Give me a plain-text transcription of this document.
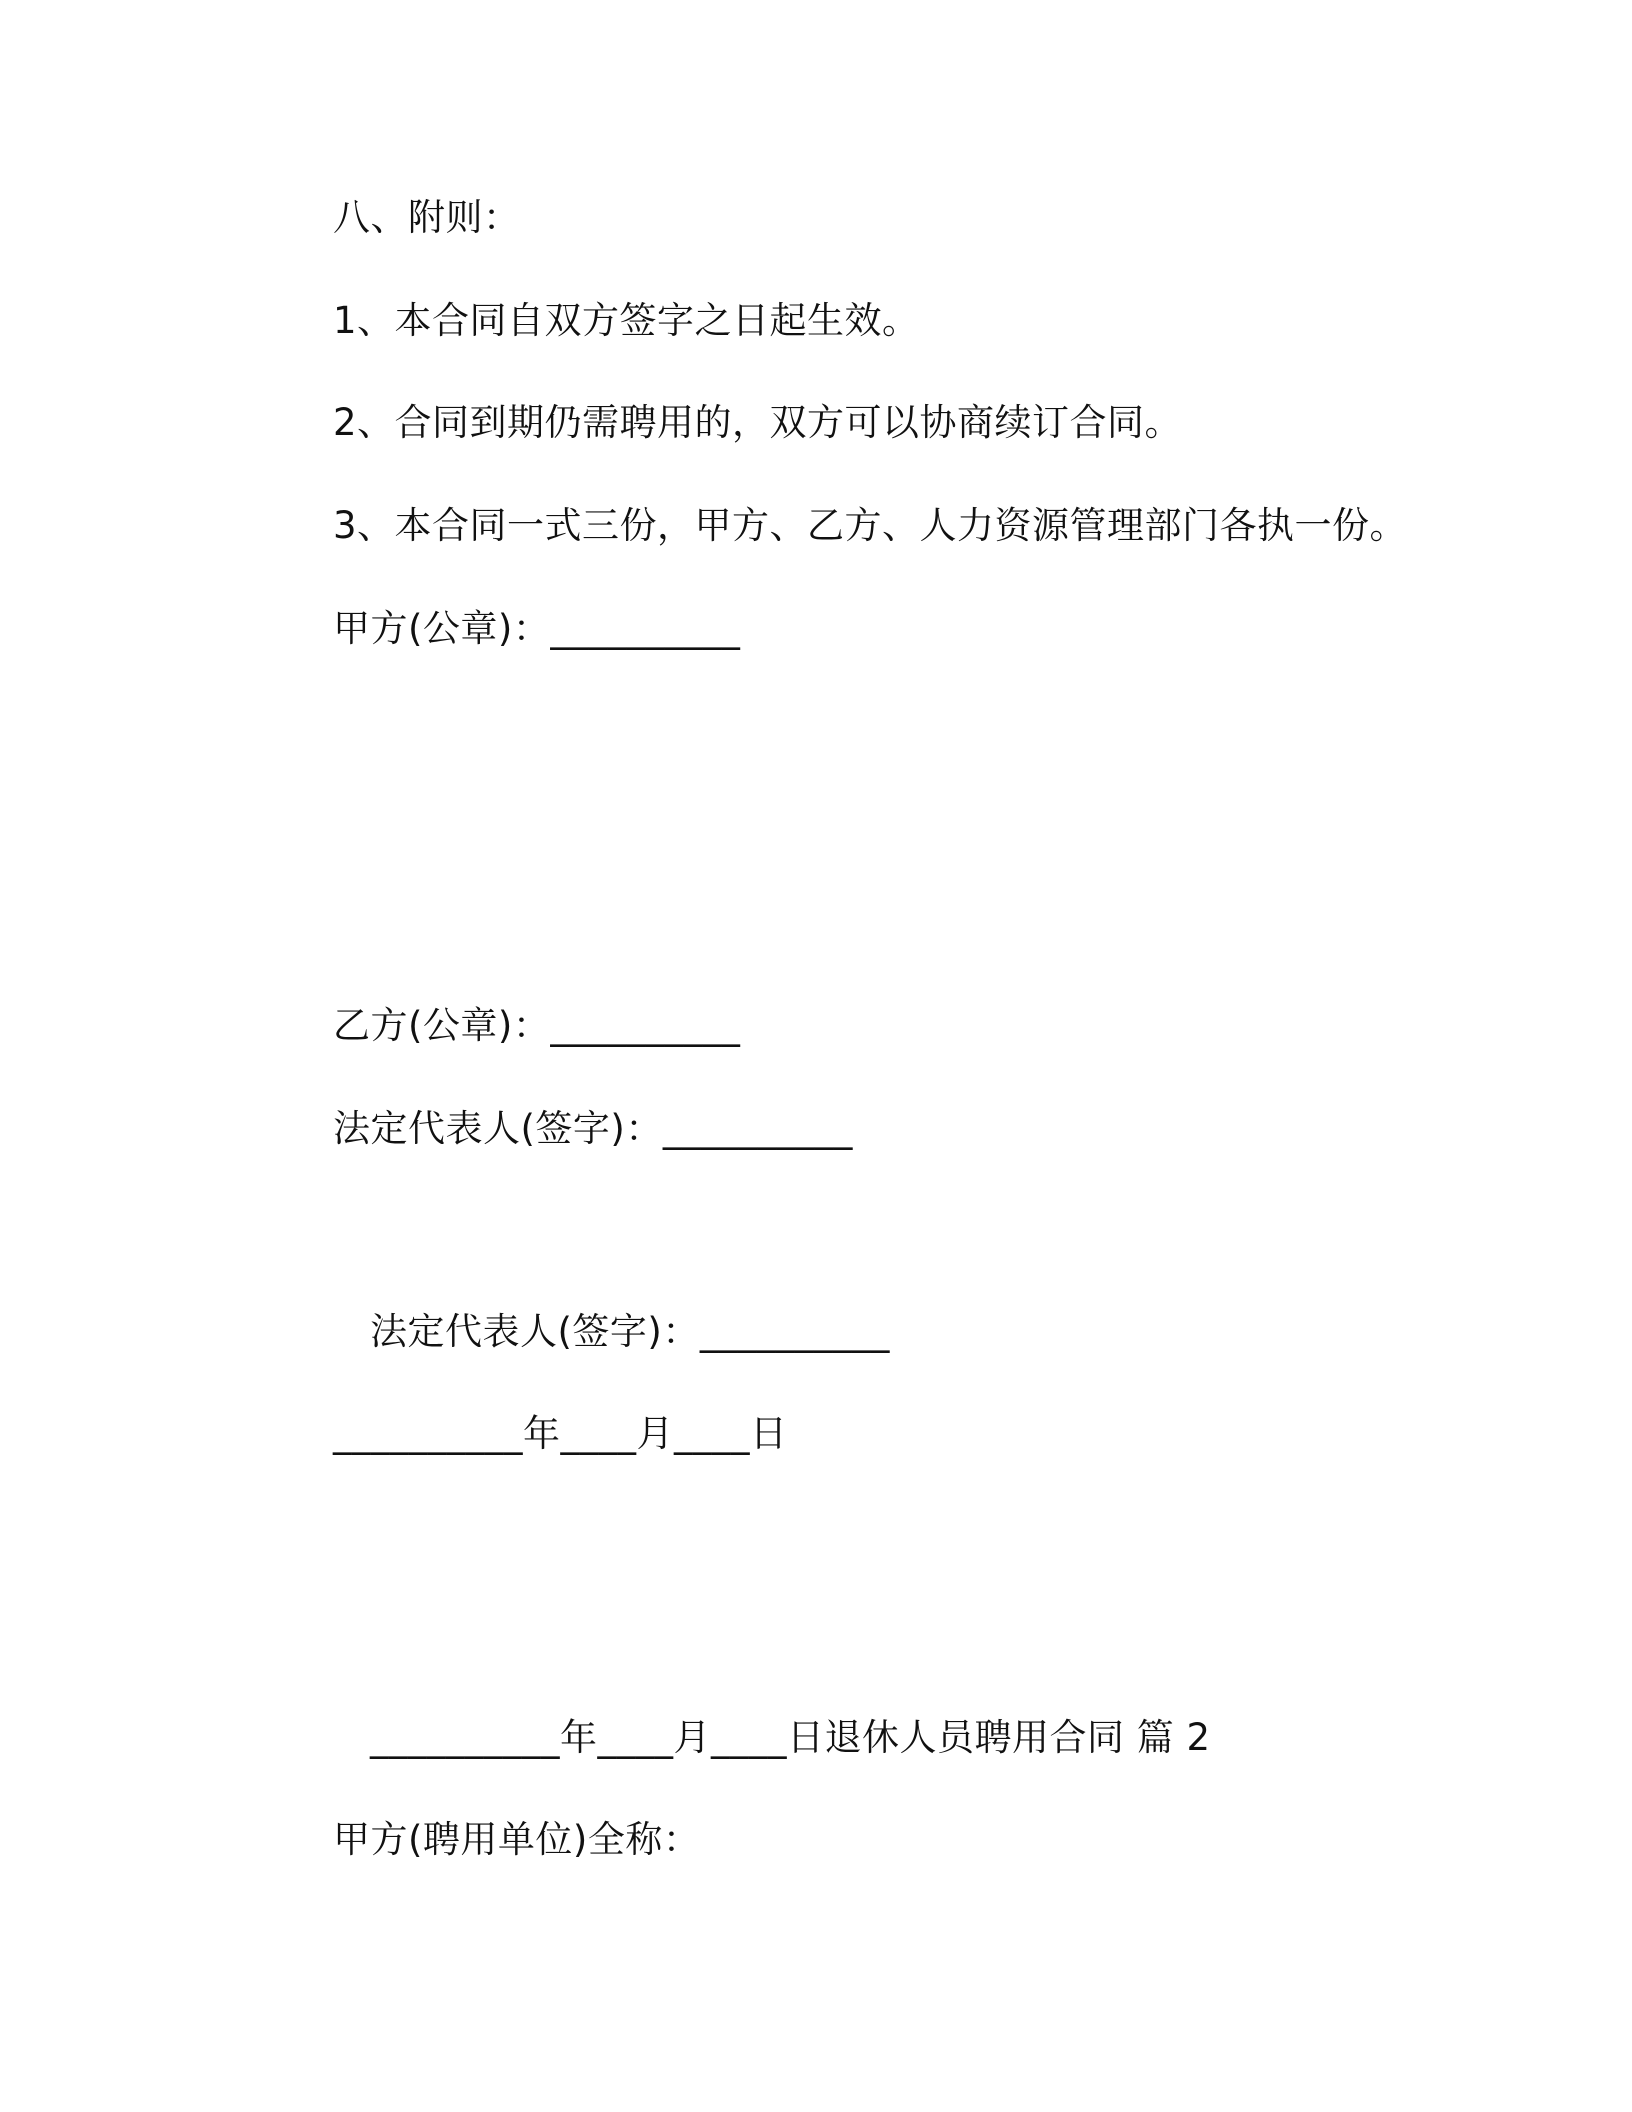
八、附则：
1、本合同自双方签字之日起生效。
2、合同到期仍需聘用的，双方可以协商续订合同。
3、本合同一式三份，甲方、乙方、人力资源管理部门各执一份。
甲方(公章)：__________
乙方(公章)：__________
法定代表人(签字)：__________
法定代表人(签字)：__________
__________年____月____日
__________年____月____日退休人员聘用合同 篇 2
甲方(聘用单位)全称：
